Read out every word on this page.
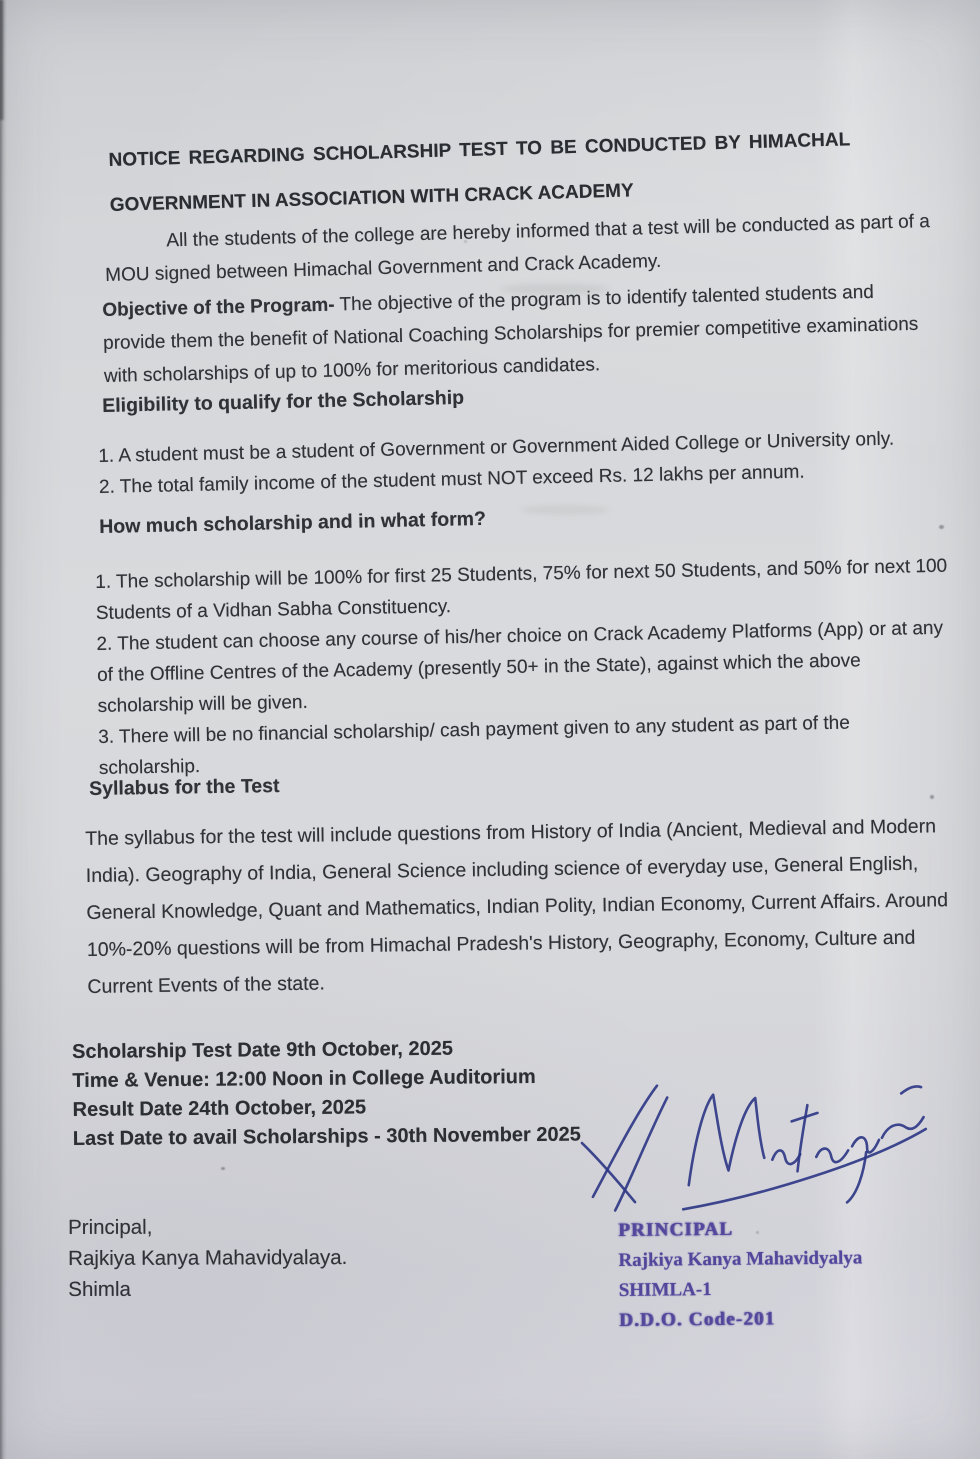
NOTICE REGARDING SCHOLARSHIP TEST TO BE CONDUCTED BY HIMACHAL
GOVERNMENT IN ASSOCIATION WITH CRACK ACADEMY

All the students of the college are hereby informed that a test will be conducted as part of a MOU signed between Himachal Government and Crack Academy.

Objective of the Program- The objective of the program is to identify talented students and provide them the benefit of National Coaching Scholarships for premier competitive examinations with scholarships of up to 100% for meritorious candidates.

Eligibility to qualify for the Scholarship
1. A student must be a student of Government or Government Aided College or University only.
2. The total family income of the student must NOT exceed Rs. 12 lakhs per annum.
How much scholarship and in what form?

1. The scholarship will be 100% for first 25 Students, 75% for next 50 Students, and 50% for next 100 Students of a Vidhan Sabha Constituency.

2. The student can choose any course of his/her choice on Crack Academy Platforms (App) or at any of the Offline Centres of the Academy (presently 50+ in the State), against which the above scholarship will be given.

3. There will be no financial scholarship/ cash payment given to any student as part of the scholarship.

Syllabus for the Test

The syllabus for the test will include questions from History of India (Ancient, Medieval and Modern India). Geography of India, General Science including science of everyday use, General English, General Knowledge, Quant and Mathematics, Indian Polity, Indian Economy, Current Affairs. Around 10%-20% questions will be from Himachal Pradesh's History, Geography, Economy, Culture and Current Events of the state.

Scholarship Test Date 9th October, 2025
Time & Venue: 12:00 Noon in College Auditorium
Result Date 24th October, 2025
Last Date to avail Scholarships - 30th November 2025
Principal,
Rajkiya Kanya Mahavidyalaya.
Shimla
PRINCIPAL
Rajkiya Kanya Mahavidyalya
SHIMLA-1
D.D.O. Code-201
